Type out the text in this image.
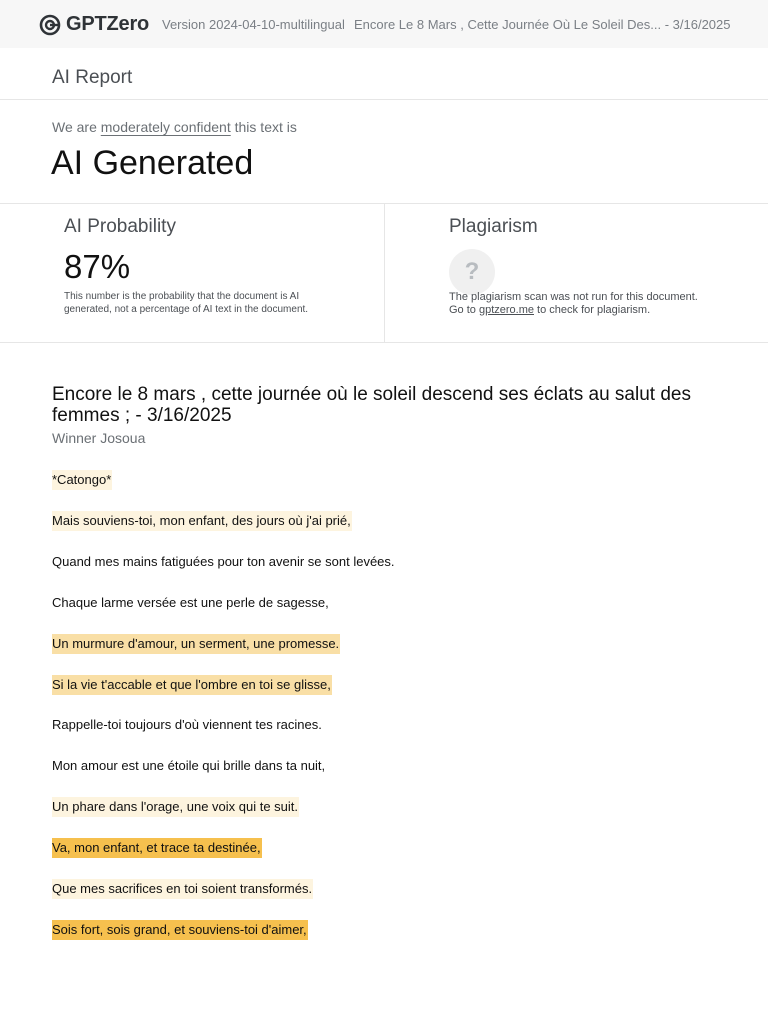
GPTZero Version 2024-04-10-multilingual Encore Le 8 Mars , Cette Journée Où Le Soleil Des... - 3/16/2025
AI Report
We are moderately confident this text is
AI Generated
AI Probability
87%
This number is the probability that the document is AI generated, not a percentage of AI text in the document.
Plagiarism
?
The plagiarism scan was not run for this document. Go to gptzero.me to check for plagiarism.
Encore le 8 mars , cette journée où le soleil descend ses éclats au salut des femmes ; - 3/16/2025
Winner Josoua
*Catongo*
Mais souviens-toi, mon enfant, des jours où j'ai prié,
Quand mes mains fatiguées pour ton avenir se sont levées.
Chaque larme versée est une perle de sagesse,
Un murmure d'amour, un serment, une promesse.
Si la vie t'accable et que l'ombre en toi se glisse,
Rappelle-toi toujours d'où viennent tes racines.
Mon amour est une étoile qui brille dans ta nuit,
Un phare dans l'orage, une voix qui te suit.
Va, mon enfant, et trace ta destinée,
Que mes sacrifices en toi soient transformés.
Sois fort, sois grand, et souviens-toi d'aimer,
